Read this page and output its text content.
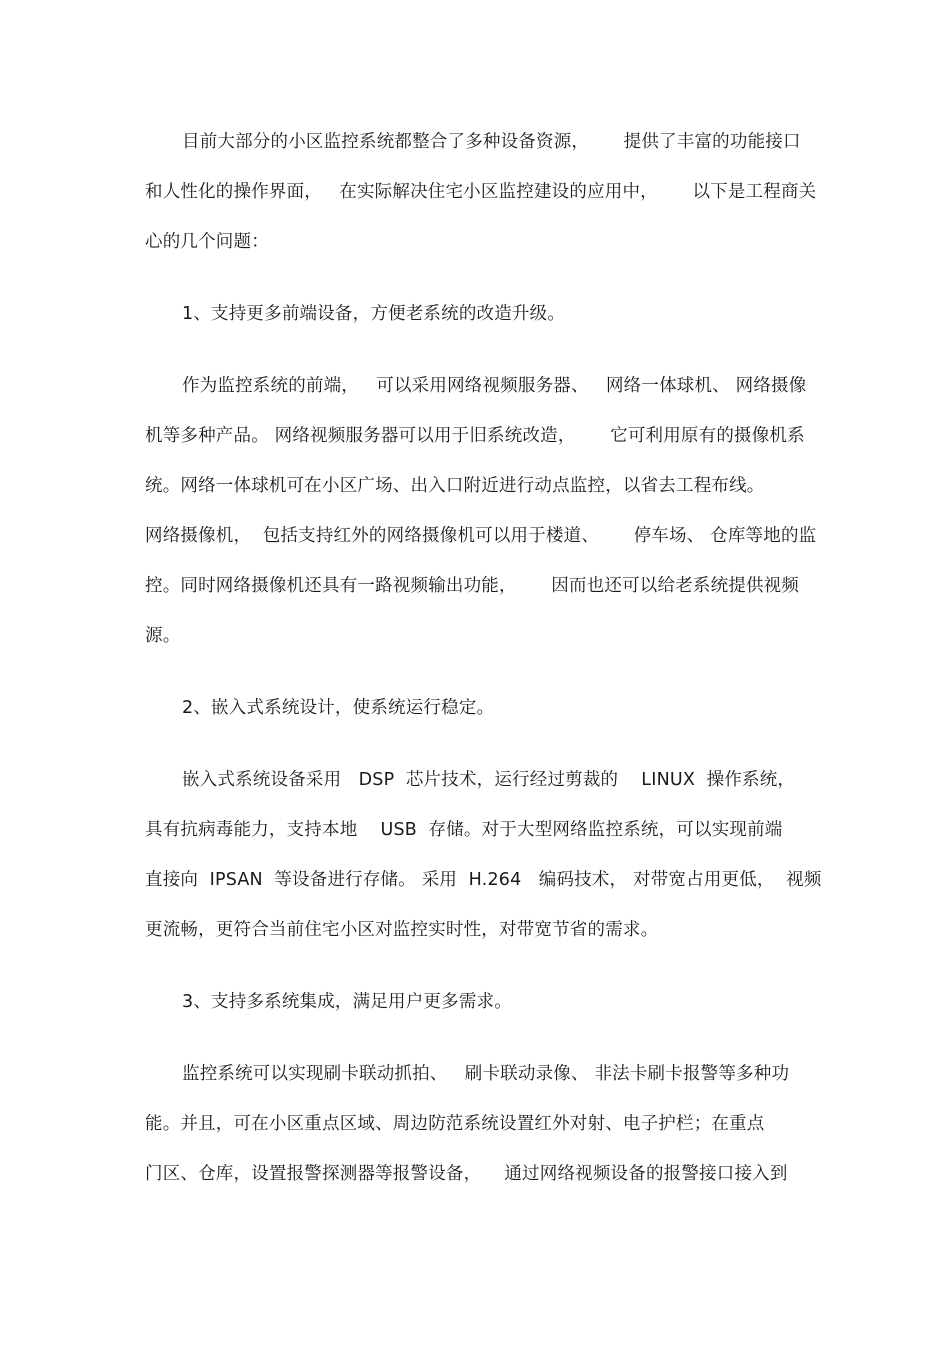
目前大部分的小区监控系统都整合了多种设备资源，      提供了丰富的功能接口

和人性化的操作界面，   在实际解决住宅小区监控建设的应用中，      以下是工程商关

心的几个问题：

1、支持更多前端设备，方便老系统的改造升级。

作为监控系统的前端，   可以采用网络视频服务器、   网络一体球机、 网络摄像

机等多种产品。 网络视频服务器可以用于旧系统改造，      它可利用原有的摄像机系

统。网络一体球机可在小区广场、出入口附近进行动点监控，以省去工程布线。

网络摄像机，  包括支持红外的网络摄像机可以用于楼道、      停车场、 仓库等地的监

控。同时网络摄像机还具有一路视频输出功能，      因而也还可以给老系统提供视频

源。

2、嵌入式系统设计，使系统运行稳定。

嵌入式系统设备采用   DSP  芯片技术，运行经过剪裁的    LINUX  操作系统，

具有抗病毒能力，支持本地    USB  存储。对于大型网络监控系统，可以实现前端

直接向  IPSAN  等设备进行存储。 采用  H.264   编码技术， 对带宽占用更低，  视频

更流畅，更符合当前住宅小区对监控实时性，对带宽节省的需求。

3、支持多系统集成，满足用户更多需求。

监控系统可以实现刷卡联动抓拍、   刷卡联动录像、 非法卡刷卡报警等多种功

能。并且，可在小区重点区域、周边防范系统设置红外对射、电子护栏；在重点

门区、仓库，设置报警探测器等报警设备，    通过网络视频设备的报警接口接入到
